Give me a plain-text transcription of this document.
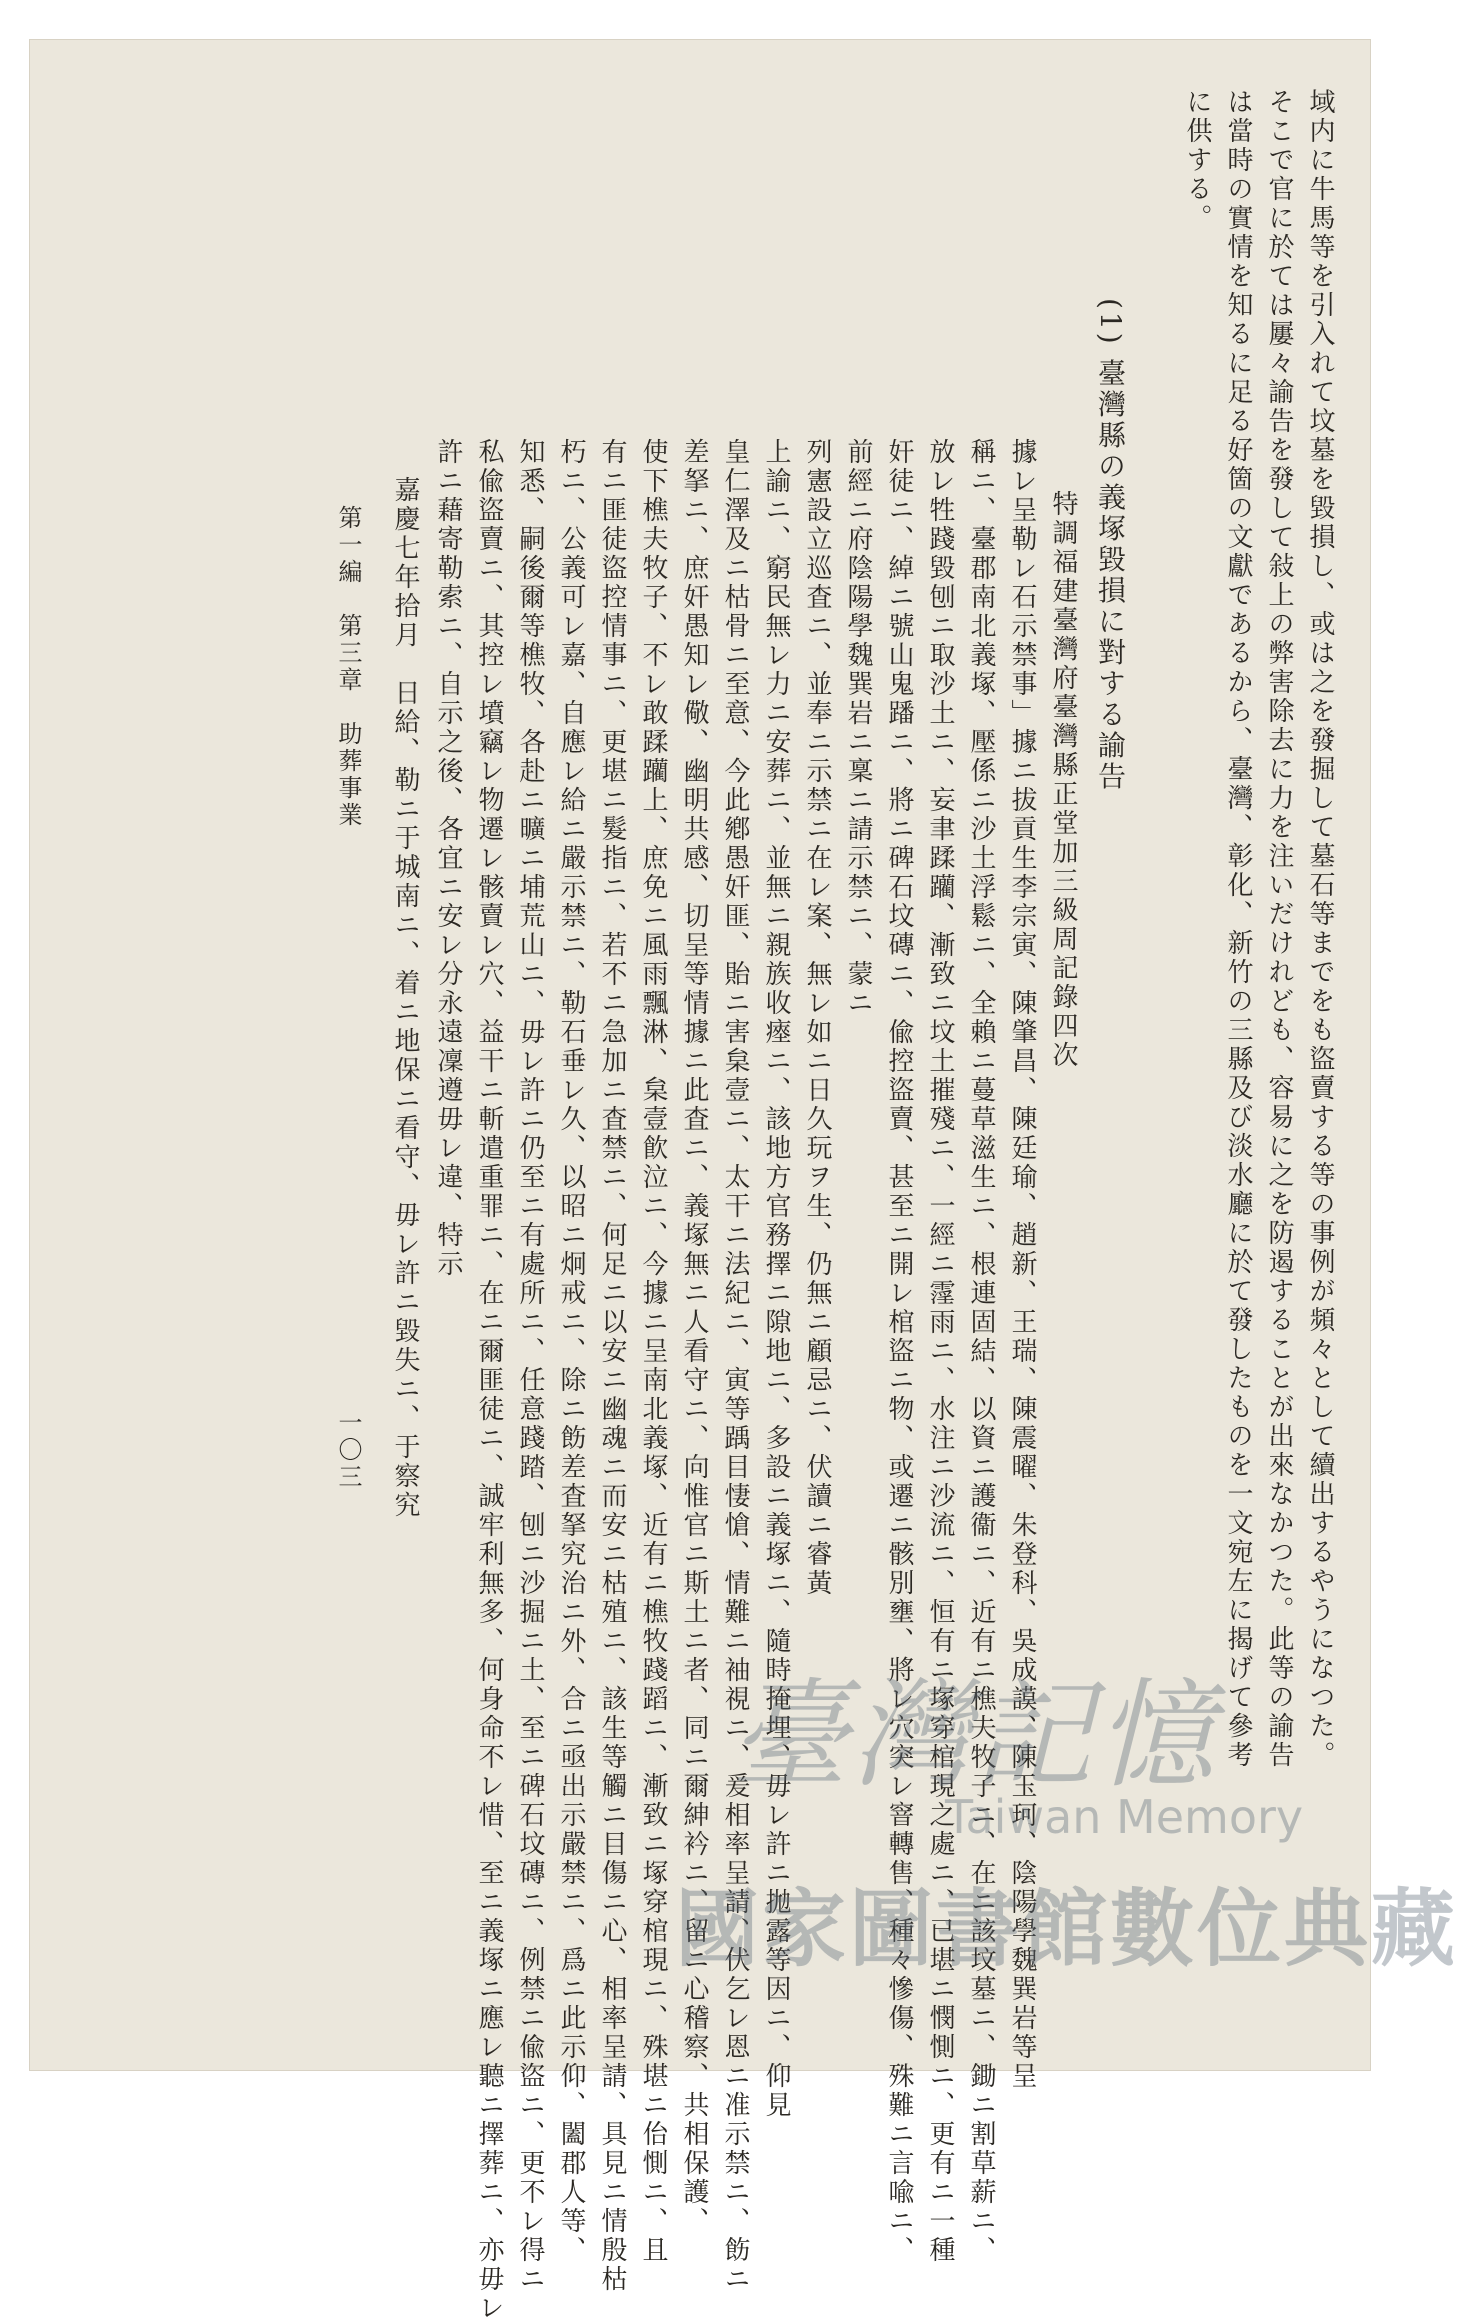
域内に牛馬等を引入れて坟墓を毀損し、或は之を發掘して墓石等までをも盜賣する等の事例が頻々として續出するやうになつた。
そこで官に於ては屢々諭告を發して敍上の弊害除去に力を注いだけれども、容易に之を防遏することが出來なかつた。此等の諭告
は當時の實情を知るに足る好箇の文獻であるから、臺灣、彰化、新竹の三縣及び淡水廳に於て發したものを一文宛左に揭げて參考
に供する。
(1) 臺灣縣の義塚毀損に對する諭告
特調福建臺灣府臺灣縣正堂加三級周記錄四次
據レ呈勒レ石示禁事」據ニ拔貢生李宗寅、陳肇昌、陳廷瑜、趙新、王瑞、陳震曜、朱登科、吳成謨、陳玉珂、陰陽學魏巽岩等呈
稱ニ、臺郡南北義塚、壓係ニ沙土浮鬆ニ、全賴ニ蔓草滋生ニ、根連固結、以資ニ護衞ニ、近有ニ樵夫牧子ニ、在ニ該坟墓ニ、鋤ニ割草薪ニ、
放レ牲踐毀刨ニ取沙土ニ、妄聿蹂躪、漸致ニ坟土摧殘ニ、一經ニ霪雨ニ、水注ニ沙流ニ、恒有ニ塚穿棺現之處ニ、已堪ニ憫惻ニ、更有ニ一種
奸徒ニ、綽ニ號山鬼蹯ニ、將ニ碑石坟磚ニ、偸控盜賣、甚至ニ開レ棺盜ニ物、或遷ニ骸別壅、將レ穴突レ窨轉售、種々慘傷、殊難ニ言喩ニ、
前經ニ府陰陽學魏巽岩ニ稟ニ請示禁ニ、蒙ニ
列憲設立巡査ニ、並奉ニ示禁ニ在レ案、無レ如ニ日久玩ヲ生、仍無ニ顧忌ニ、伏讀ニ睿黃
上諭ニ、窮民無レ力ニ安葬ニ、並無ニ親族收瘞ニ、該地方官務擇ニ隙地ニ、多設ニ義塚ニ、隨時掩埋、毋レ許ニ拋露等因ニ、仰見
皇仁澤及ニ枯骨ニ至意、今此鄕愚奸匪、貽ニ害枲壹ニ、太干ニ法紀ニ、寅等踽目悽愴、情難ニ袖視ニ、爰相率呈請、伏乞レ恩ニ准示禁ニ、飭ニ
差拏ニ、庶奸愚知レ儆、幽明共感、切呈等情據ニ此査ニ、義塚無ニ人看守ニ、向惟官ニ斯土ニ者、同ニ爾紳衿ニ、留ニ心稽察、共相保護、
使下樵夫牧子、不レ敢蹂躪上、庶免ニ風雨飄淋、枲壹飮泣ニ、今據ニ呈南北義塚、近有ニ樵牧踐蹈ニ、漸致ニ塚穿棺現ニ、殊堪ニ佁惻ニ、且
有ニ匪徒盜控情事ニ、更堪ニ髮指ニ、若不ニ急加ニ査禁ニ、何足ニ以安ニ幽魂ニ而安ニ枯殖ニ、該生等觸ニ目傷ニ心、相率呈請、具見ニ情殷枯
朽ニ、公義可レ嘉、自應レ給ニ嚴示禁ニ、勒石垂レ久、以昭ニ炯戒ニ、除ニ飭差査拏究治ニ外、合ニ亟出示嚴禁ニ、爲ニ此示仰、闔郡人等、
知悉、嗣後爾等樵牧、各赴ニ曠ニ埔荒山ニ、毋レ許ニ仍至ニ有處所ニ、任意踐踏、刨ニ沙掘ニ土、至ニ碑石坟磚ニ、例禁ニ偸盜ニ、更不レ得ニ
私偸盜賣ニ、其控レ墳竊レ物遷レ骸賣レ穴、益干ニ斬遣重罪ニ、在ニ爾匪徒ニ、誠牢利無多、何身命不レ惜、至ニ義塚ニ應レ聽ニ擇葬ニ、亦毋レ
許ニ藉寄勒索ニ、自示之後、各宜ニ安レ分永遠凜遵毋レ違、特示
嘉慶七年拾月　日給、勒ニ于城南ニ、着ニ地保ニ看守、毋レ許ニ毀失ニ、于察究
第一編　第三章　助葬事業
一〇三
臺灣記憶
Taiwan Memory
國家圖書館數位典藏
